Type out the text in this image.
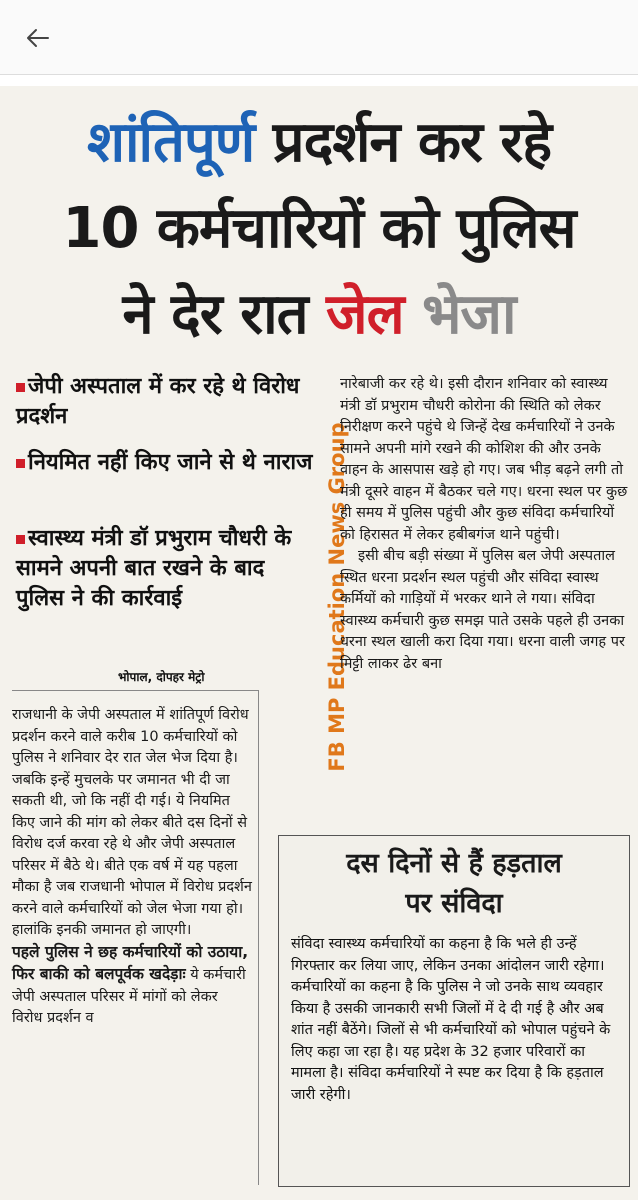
शांतिपूर्ण प्रदर्शन कर रहे
10 कर्मचारियों को पुलिस
ने देर रात जेल भेजा
जेपी अस्पताल में कर रहे थे विरोध प्रदर्शन
नियमित नहीं किए जाने से थे नाराज
स्वास्थ्य मंत्री डॉ प्रभुराम चौधरी के सामने अपनी बात रखने के बाद पुलिस ने की कार्रवाई
भोपाल, दोपहर मेट्रो	FB MP Education News Group
राजधानी के जेपी अस्पताल में शांतिपूर्ण विरोध प्रदर्शन करने वाले करीब 10 कर्मचारियों को पुलिस ने शनिवार देर रात जेल भेज दिया है। जबकि इन्हें मुचलके पर जमानत भी दी जा सकती थी, जो कि नहीं दी गई। ये नियमित किए जाने की मांग को लेकर बीते दस दिनों से विरोध दर्ज करवा रहे थे और जेपी अस्पताल परिसर में बैठे थे। बीते एक वर्ष में यह पहला मौका है जब राजधानी भोपाल में विरोध प्रदर्शन करने वाले कर्मचारियों को जेल भेजा गया हो। हालांकि इनकी जमानत हो जाएगी।
पहले पुलिस ने छह कर्मचारियों को उठाया, फिर बाकी को बलपूर्वक खदेड़ाः ये कर्मचारी जेपी अस्पताल परिसर में मांगों को लेकर विरोध प्रदर्शन व
नारेबाजी कर रहे थे। इसी दौरान शनिवार को स्वास्थ्य मंत्री डॉ प्रभुराम चौधरी कोरोना की स्थिति को लेकर निरीक्षण करने पहुंचे थे जिन्हें देख कर्मचारियों ने उनके सामने अपनी मांगे रखने की कोशिश की और उनके वाहन के आसपास खड़े हो गए। जब भीड़ बढ़ने लगी तो मंत्री दूसरे वाहन में बैठकर चले गए। धरना स्थल पर कुछ ही समय में पुलिस पहुंची और कुछ संविदा कर्मचारियों को हिरासत में लेकर हबीबगंज थाने पहुंची।
इसी बीच बड़ी संख्या में पुलिस बल जेपी अस्पताल स्थित धरना प्रदर्शन स्थल पहुंची और संविदा स्वास्थ कर्मियों को गाड़ियों में भरकर थाने ले गया। संविदा स्वास्थ्य कर्मचारी कुछ समझ पाते उसके पहले ही उनका धरना स्थल खाली करा दिया गया। धरना वाली जगह पर मिट्टी लाकर ढेर बना
दस दिनों से हैं हड़ताल
पर संविदा
संविदा स्वास्थ्य कर्मचारियों का कहना है कि भले ही उन्हें गिरफ्तार कर लिया जाए, लेकिन उनका आंदोलन जारी रहेगा। कर्मचारियों का कहना है कि पुलिस ने जो उनके साथ व्यवहार किया है उसकी जानकारी सभी जिलों में दे दी गई है और अब शांत नहीं बैठेंगे। जिलों से भी कर्मचारियों को भोपाल पहुंचने के लिए कहा जा रहा है। यह प्रदेश के 32 हजार परिवारों का मामला है। संविदा कर्मचारियों ने स्पष्ट कर दिया है कि हड़ताल जारी रहेगी।
